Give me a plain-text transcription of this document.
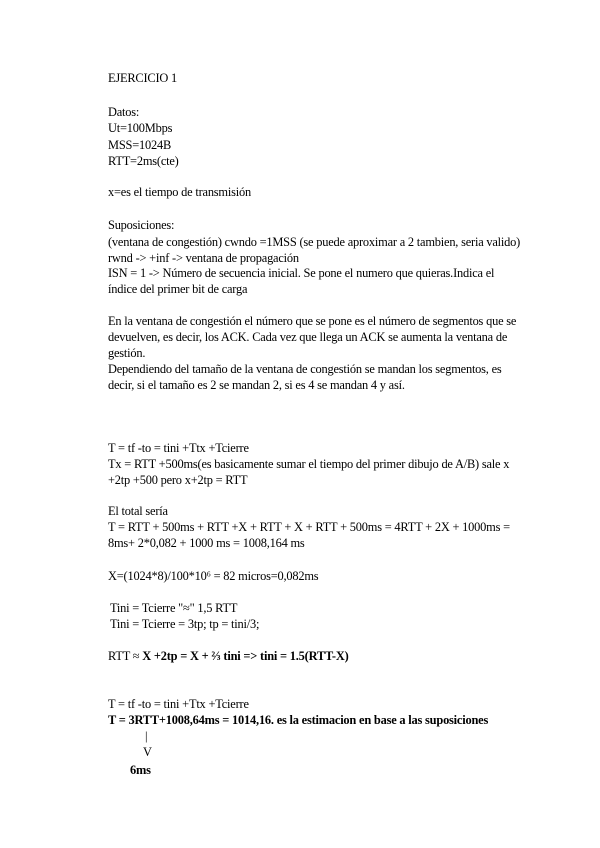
EJERCICIO 1
Datos:
Ut=100Mbps
MSS=1024B
RTT=2ms(cte)
x=es el tiempo de transmisión
Suposiciones:
(ventana de congestión) cwndo =1MSS (se puede aproximar a 2 tambien, seria valido)
rwnd -> +inf -> ventana de propagación
ISN = 1 -> Número de secuencia inicial. Se pone el numero que quieras.Indica el
índice del primer bit de carga
En la ventana de congestión el número que se pone es el número de segmentos que se
devuelven, es decir, los ACK. Cada vez que llega un ACK se aumenta la ventana de
gestión.
Dependiendo del tamaño de la ventana de congestión se mandan los segmentos, es
decir, si el tamaño es 2 se mandan 2, si es 4 se mandan 4 y así.
T = tf -to = tini +Ttx +Tcierre
Tx = RTT +500ms(es basicamente sumar el tiempo del primer dibujo de A/B) sale x
+2tp +500 pero x+2tp = RTT
El total sería
T = RTT + 500ms + RTT +X + RTT + X + RTT + 500ms = 4RTT + 2X + 1000ms =
8ms+ 2*0,082 + 1000 ms = 1008,164 ms
X=(1024*8)/100*10⁶ = 82 micros=0,082ms
Tini = Tcierre "≈" 1,5 RTT
Tini = Tcierre = 3tp; tp = tini/3;
RTT ≈ X +2tp = X + ⅔ tini => tini = 1.5(RTT-X)
T = tf -to = tini +Ttx +Tcierre
T = 3RTT+1008,64ms = 1014,16. es la estimacion en base a las suposiciones
|
V
6ms
